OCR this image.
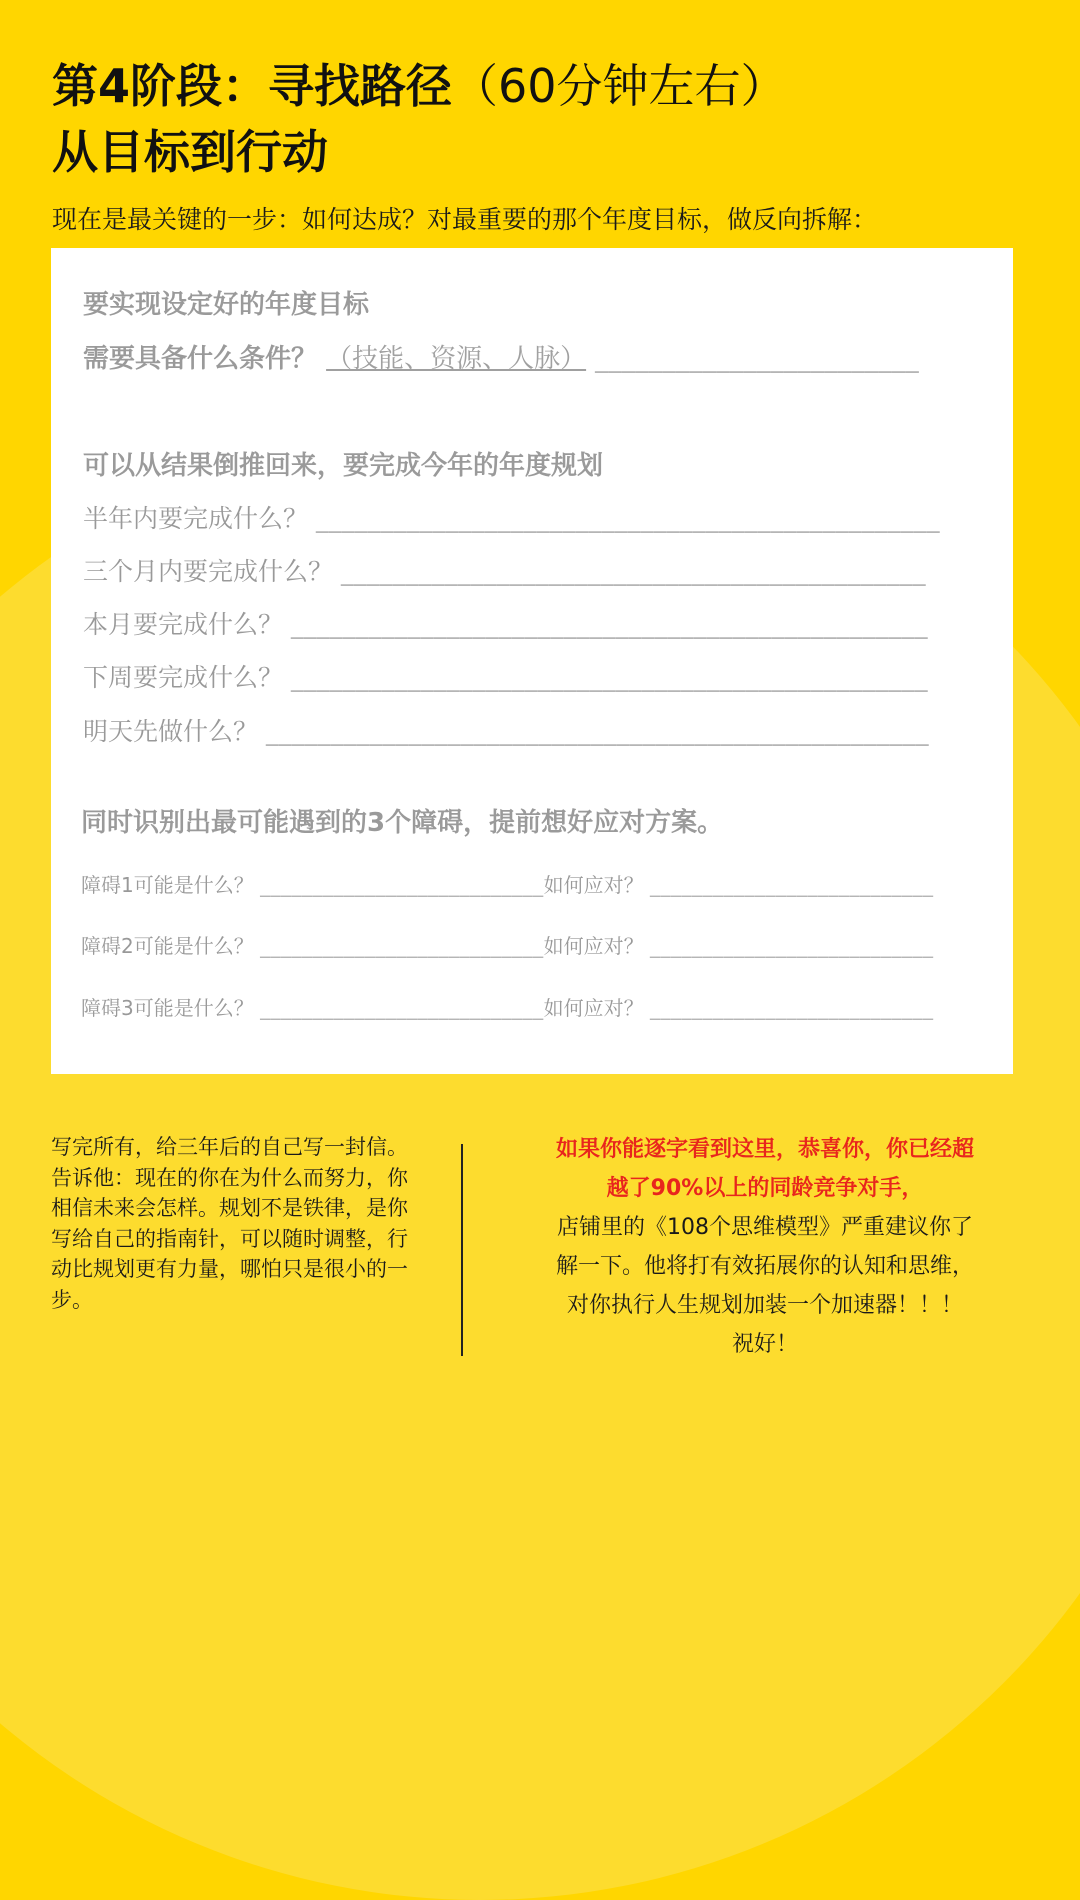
第4阶段：寻找路径（60分钟左右）
从目标到行动
现在是最关键的一步：如何达成？对最重要的那个年度目标，做反向拆解：
要实现设定好的年度目标
需要具备什么条件？ （技能、资源、人脉） ________________________
可以从结果倒推回来，要完成今年的年度规划
半年内要完成什么？ ________________________________________________
三个月内要完成什么？ _____________________________________________
本月要完成什么？ _________________________________________________
下周要完成什么？ _________________________________________________
明天先做什么？ ___________________________________________________
同时识别出最可能遇到的3个障碍，提前想好应对方案。
障碍1可能是什么？ ___________________________如何应对？ ___________________________
障碍2可能是什么？ ___________________________如何应对？ ___________________________
障碍3可能是什么？ ___________________________如何应对？ ___________________________

写完所有，给三年后的自己写一封信。告诉他：现在的你在为什么而努力，你相信未来会怎样。规划不是铁律，是你写给自己的指南针，可以随时调整，行动比规划更有力量，哪怕只是很小的一步。

如果你能逐字看到这里，恭喜你，你已经超
越了90%以上的同龄竞争对手，
店铺里的《108个思维模型》严重建议你了
解一下。他将打有效拓展你的认知和思维，
对你执行人生规划加装一个加速器！！！
祝好！
